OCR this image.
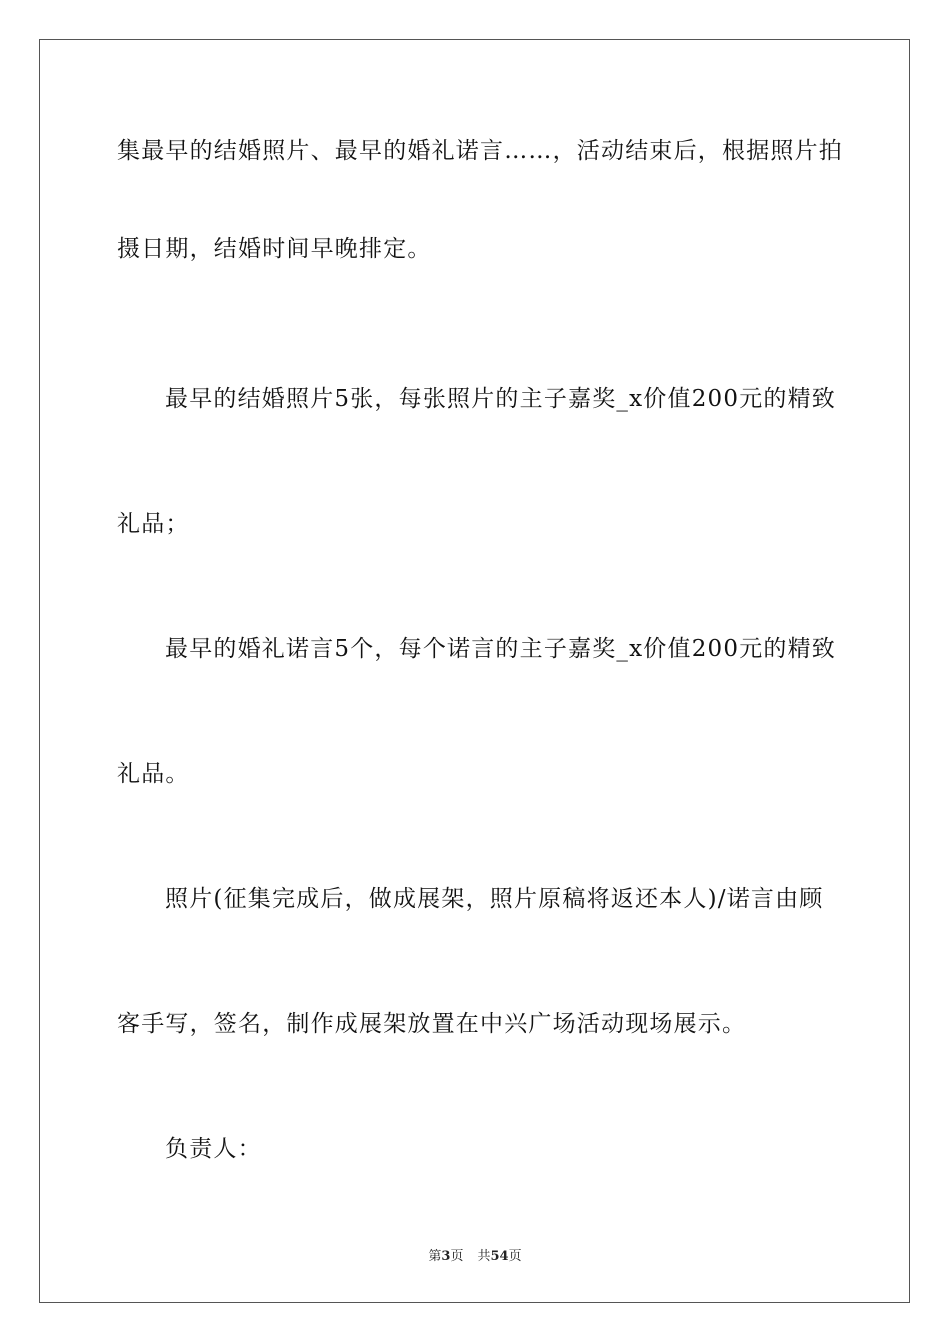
集最早的结婚照片、最早的婚礼诺言……，活动结束后，根据照片拍
摄日期，结婚时间早晚排定。
最早的结婚照片5张，每张照片的主子嘉奖_x价值200元的精致
礼品；
最早的婚礼诺言5个，每个诺言的主子嘉奖_x价值200元的精致
礼品。
照片(征集完成后，做成展架，照片原稿将返还本人)/诺言由顾
客手写，签名，制作成展架放置在中兴广场活动现场展示。
负责人：
第3页 共54页
